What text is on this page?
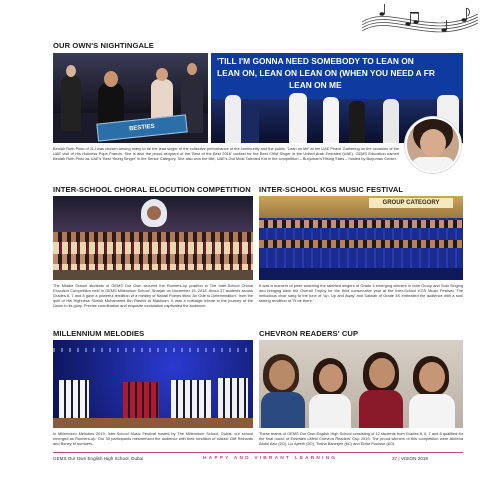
OUR OWN'S NIGHTINGALE
BESTIES
'TILL I'M GONNA NEED SOMEBODY TO LEAN ON
LEAN ON, LEAN ON LEAN ON (WHEN YOU NEED A FR
LEAN ON ME
Beulah Ruth Pinto of 11J was chosen among many to be the lead singer of the collective performance of the community and the public. 'Lean on Me' at the UAE Peace Gathering on the occasion of the UAE visit of His Holiness Pope Francis. She is also the proud recipient of the 'Best of the Best 2018' contest for the Best Child Singer in the United Arab Emirates (UAE). GEMS Education named Beulah Ruth Pinto as UAE's 'Best Young Singer' in the Senior Category. She also won the title, UAE's 2nd Most Talented Kid in the competition – Burjuman's Rising Stars – hosted by Burjuman Center.
INTER-SCHOOL CHORAL ELOCUTION COMPETITION
The Middle School students of GEMS Our Own secured the Runners-up position in The Inter-School Choral Elocution Competition held in GEMS Millennium School, Sharjah on November 15, 2018. About 37 students across Grades 6, 7 and 8 gave a powerful rendition of a medley of Nabati Poems titled 'An Ode to Determination', from the quill of His Highness Sheikh Mohammed Bin Rashid Al Maktoum. It was a nostalgic tribute to the journey of the Union to its glory. Precise coordination and exquisite modulation captivated the audience.
INTER-SCHOOL KGS MUSIC FESTIVAL
GROUP CATEGORY
It was a moment of pride watching the talented singers of Grade 4 emerging winners in both Group and Solo Singing and bringing back the Overall Trophy for the third consecutive year at the Inter-School KGS Music Festival. The melodious choir sang to the tune of 'Up, Up and Away' and Salwah of Grade 4K enthralled the audience with a soul stirring rendition of 'I'll be there.'
MILLENNIUM MELODIES
In Millennium Melodies 2019, Inter-School Music Festival hosted by The Millennium School, Dubai, our school emerged as Runners-up. Our 30 participants mesmerized the audience with their rendition of classic Cliff Richards and Boney M numbers.
CHEVRON READERS' CUP
These teams of GEMS Our Own English High School consisting of 12 students from Grades 5, 6, 7 and 8 qualified for the final round of Emirates Litfest Chevron Readers' Cup 2019. The proud winners of this competition were Abeeha Abdul Aziz (5O), Liz Ajeeth (5O), Trisha Banerjee (6C) and Elvita Poulose (6O).
GEMS Our Own English High School, Dubai	HAPPY AND VIBRANT LEARNING	37 | VISION 2019
